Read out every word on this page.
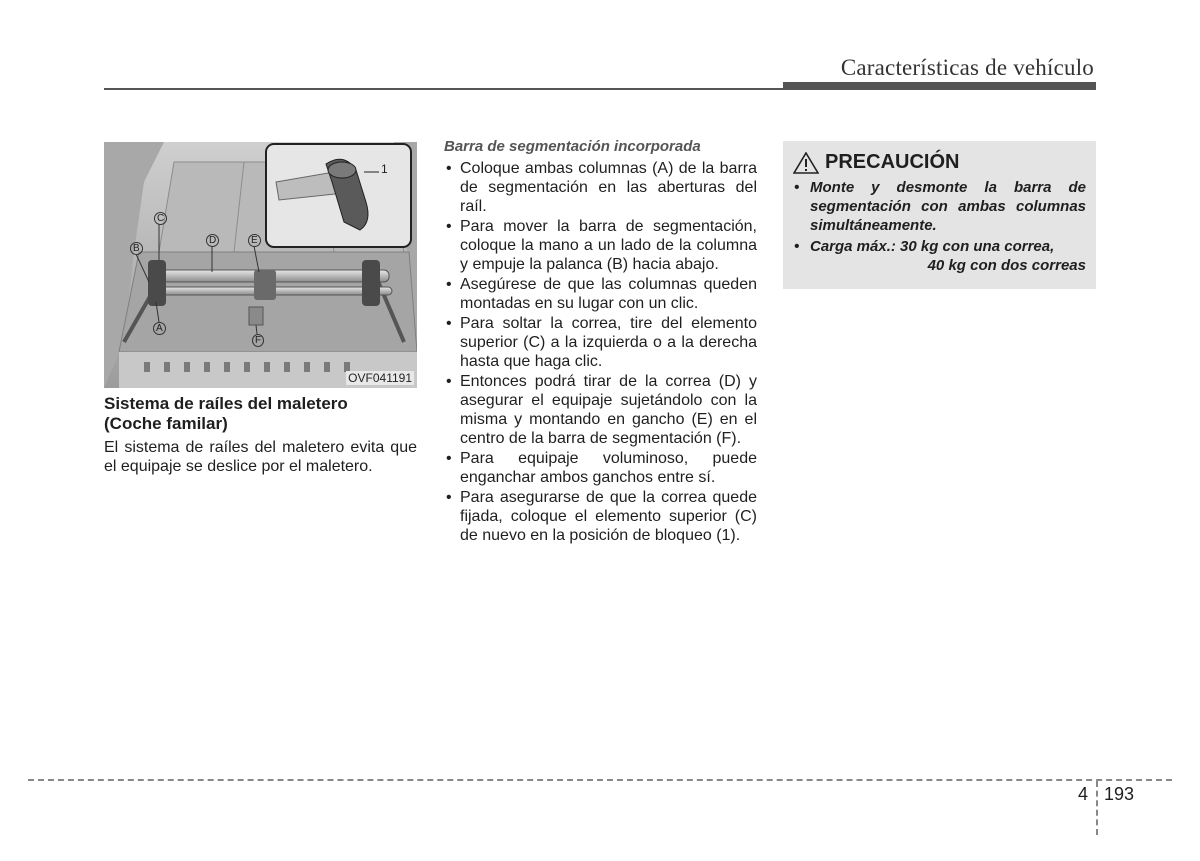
Características de vehículo
1
C
B
D	E
A
F
OVF041191

Sistema de raíles del maletero
(Coche familar)

El sistema de raíles del maletero evita que el equipaje se deslice por el maletero.

Barra de segmentación incorporada

• Coloque ambas columnas (A) de la barra de segmentación en las aberturas del raíl.
• Para mover la barra de segmentación, coloque la mano a un lado de la columna y empuje la palanca (B) hacia abajo.
• Asegúrese de que las columnas queden montadas en su lugar con un clic.
• Para soltar la correa, tire del elemento superior (C) a la izquierda o a la derecha hasta que haga clic.
• Entonces podrá tirar de la correa (D) y asegurar el equipaje sujetándolo con la misma y montando en gancho (E) en el centro de la barra de segmentación (F).
• Para equipaje voluminoso, puede enganchar ambos ganchos entre sí.
• Para asegurarse de que la correa quede fijada, coloque el elemento superior (C) de nuevo en la posición de bloqueo (1).
PRECAUCIÓN
• Monte y desmonte la barra de segmentación con ambas columnas simultáneamente.
• Carga máx.: 30 kg con una correa,
40 kg con dos correas
4 193
